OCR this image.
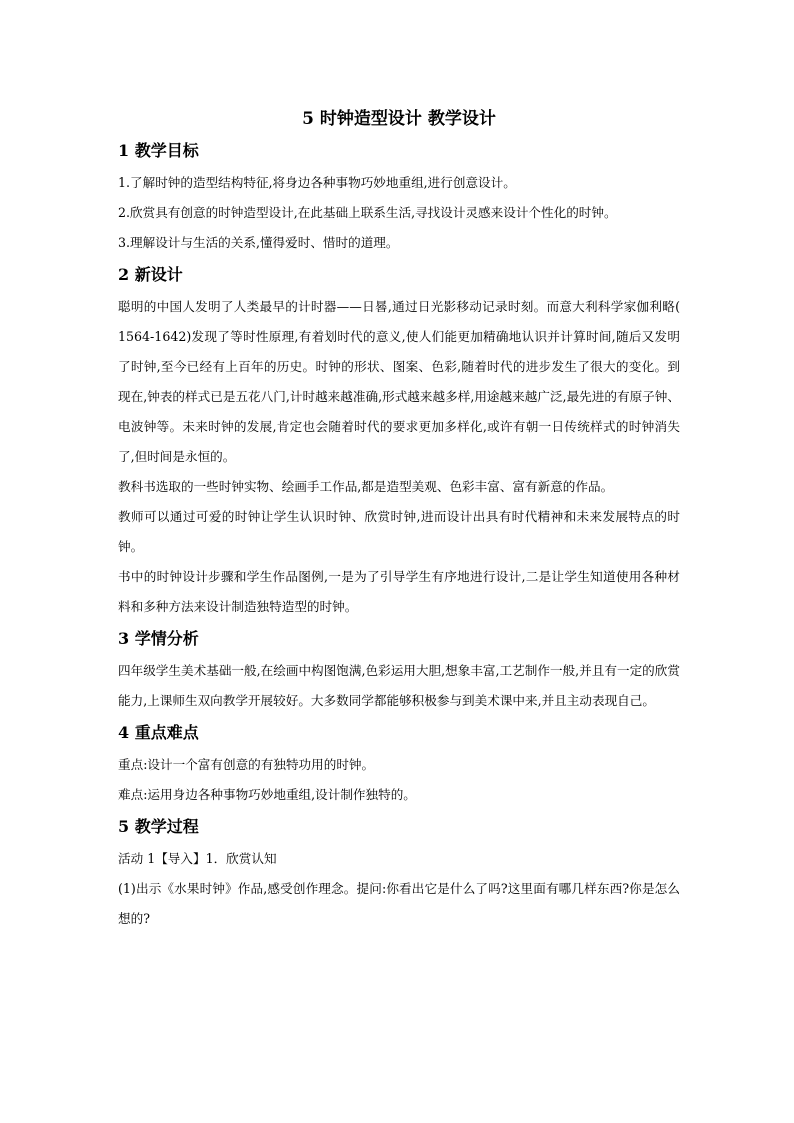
5 时钟造型设计 教学设计
1 教学目标

1.了解时钟的造型结构特征,将身边各种事物巧妙地重组,进行创意设计。

2.欣赏具有创意的时钟造型设计,在此基础上联系生活,寻找设计灵感来设计个性化的时钟。

3.理解设计与生活的关系,懂得爱时、惜时的道理。

2 新设计

聪明的中国人发明了人类最早的计时器——日晷,通过日光影移动记录时刻。而意大利科学家伽利略( 1564-1642)发现了等时性原理,有着划时代的意义,使人们能更加精确地认识并计算时间,随后又发明了时钟,至今已经有上百年的历史。时钟的形状、图案、色彩,随着时代的进步发生了很大的变化。到现在,钟表的样式已是五花八门,计时越来越准确,形式越来越多样,用途越来越广泛,最先进的有原子钟、电波钟等。未来时钟的发展,肯定也会随着时代的要求更加多样化,或许有朝一日传统样式的时钟消失了,但时间是永恒的。

教科书选取的一些时钟实物、绘画手工作品,都是造型美观、色彩丰富、富有新意的作品。

教师可以通过可爱的时钟让学生认识时钟、欣赏时钟,进而设计出具有时代精神和未来发展特点的时钟。

书中的时钟设计步骤和学生作品图例,一是为了引导学生有序地进行设计,二是让学生知道使用各种材料和多种方法来设计制造独特造型的时钟。

3 学情分析

四年级学生美术基础一般,在绘画中构图饱满,色彩运用大胆,想象丰富,工艺制作一般,并且有一定的欣赏能力,上课师生双向教学开展较好。大多数同学都能够积极参与到美术课中来,并且主动表现自己。

4 重点难点

重点:设计一个富有创意的有独特功用的时钟。

难点:运用身边各种事物巧妙地重组,设计制作独特的。

5 教学过程

活动 1【导入】1．欣赏认知

(1)出示《水果时钟》作品,感受创作理念。提问:你看出它是什么了吗?这里面有哪几样东西?你是怎么想的?
